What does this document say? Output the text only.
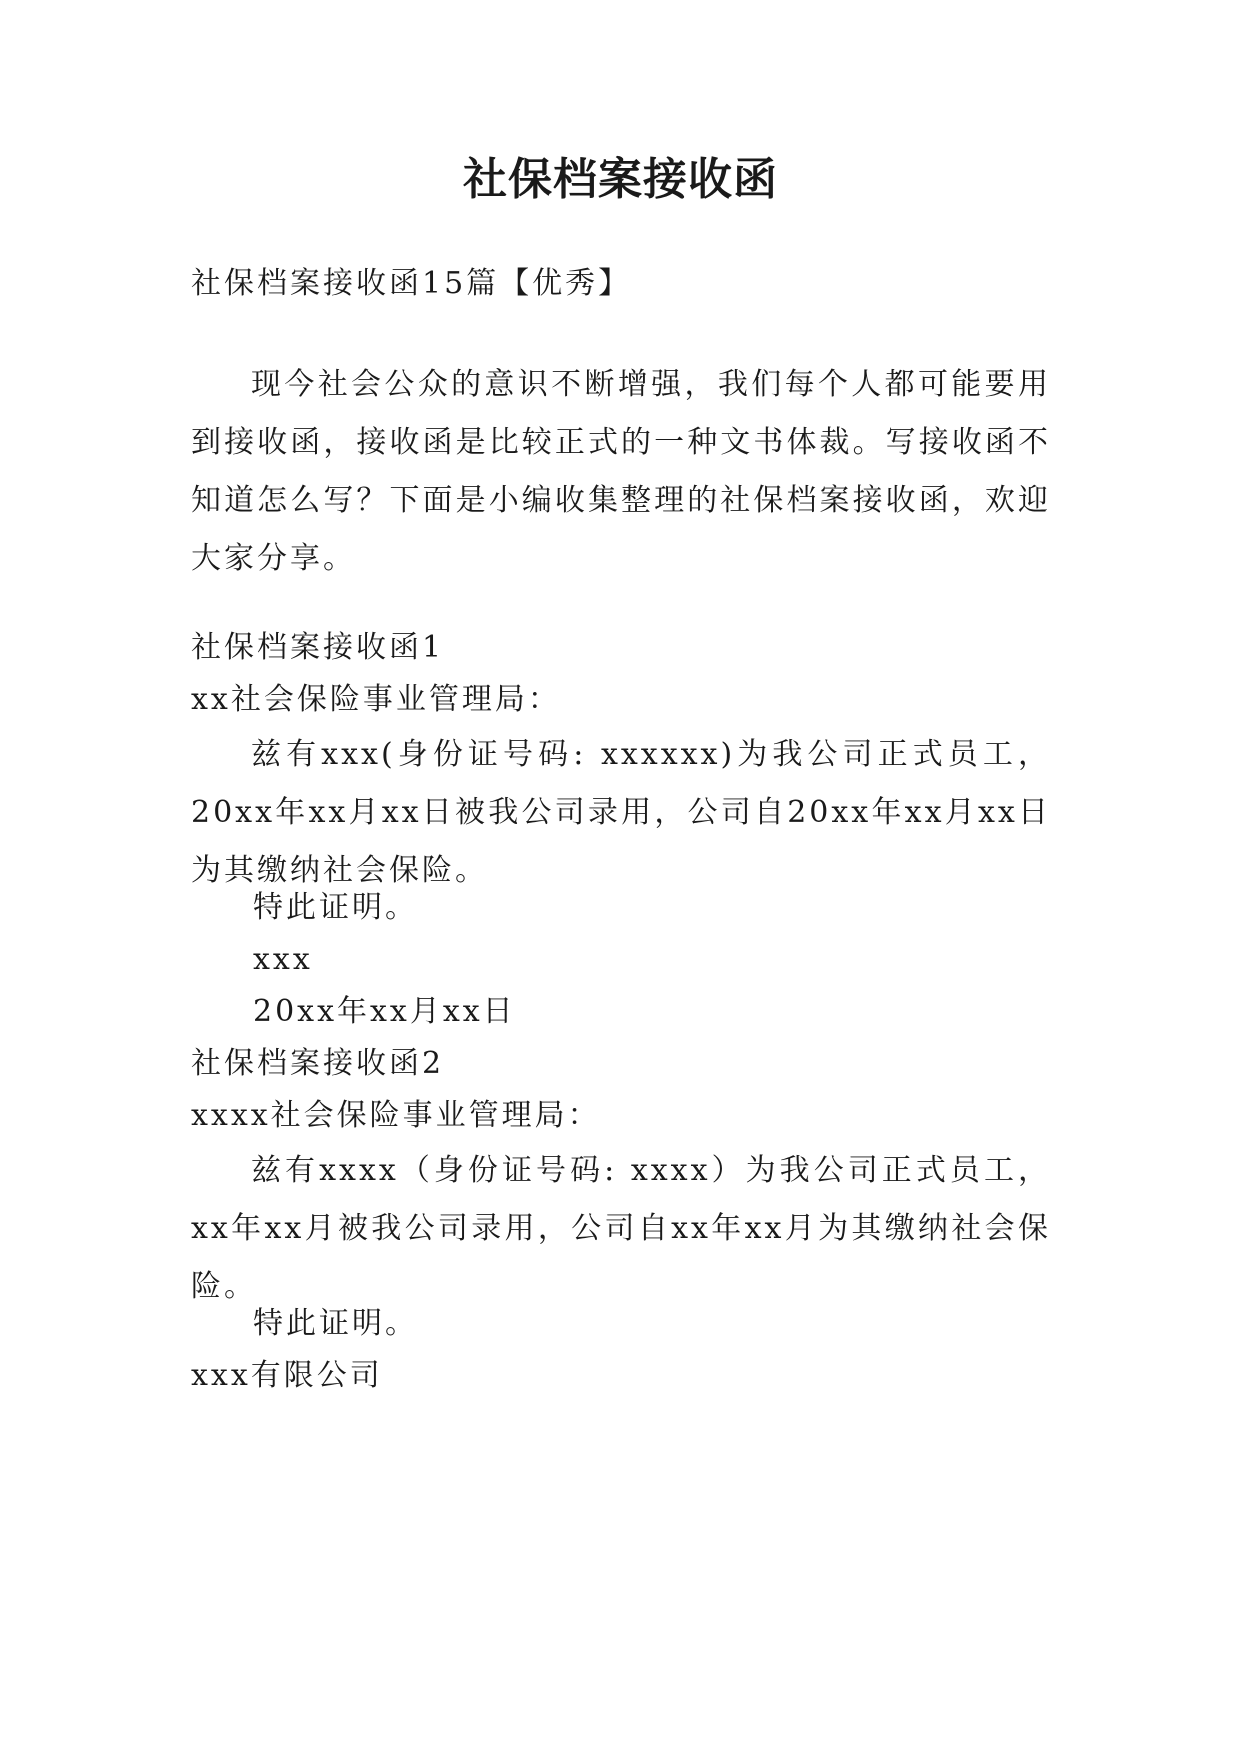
社保档案接收函
社保档案接收函15篇【优秀】
现今社会公众的意识不断增强，我们每个人都可能要用到接收函，接收函是比较正式的一种文书体裁。写接收函不知道怎么写？下面是小编收集整理的社保档案接收函，欢迎大家分享。
社保档案接收函1
xx社会保险事业管理局：
兹有xxx(身份证号码: xxxxxx)为我公司正式员工，20xx年xx月xx日被我公司录用，公司自20xx年xx月xx日为其缴纳社会保险。
特此证明。
xxx
20xx年xx月xx日
社保档案接收函2
xxxx社会保险事业管理局：
兹有xxxx（身份证号码: xxxx）为我公司正式员工，xx年xx月被我公司录用，公司自xx年xx月为其缴纳社会保险。
特此证明。
xxx有限公司
